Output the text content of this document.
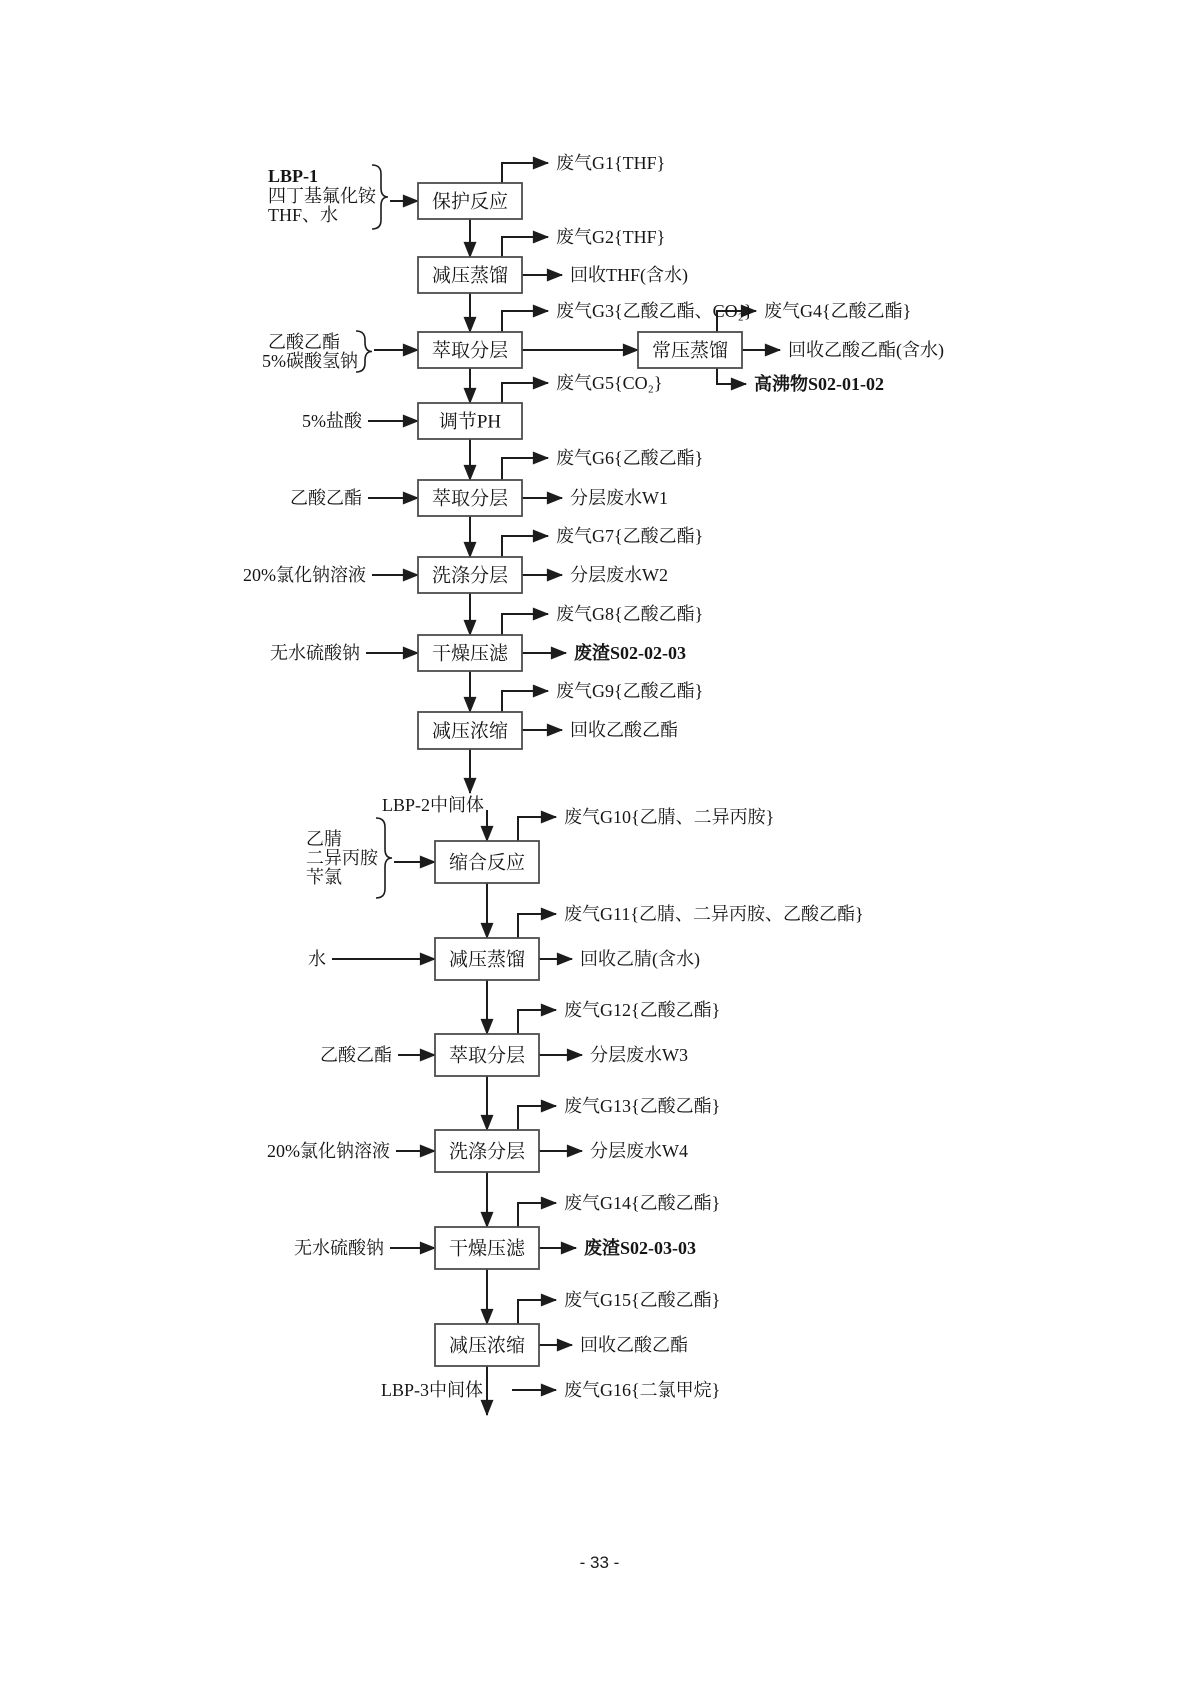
保护反应
减压蒸馏
萃取分层	常压蒸馏
调节PH
萃取分层
洗涤分层
干燥压滤
减压浓缩
缩合反应
减压蒸馏
萃取分层
洗涤分层
干燥压滤
减压浓缩
LBP-1
四丁基氟化铵
THF、水
乙酸乙酯
5%碳酸氢钠
5%盐酸
乙酸乙酯
20%氯化钠溶液
无水硫酸钠
乙腈
二异丙胺
苄氯
水
乙酸乙酯
20%氯化钠溶液
无水硫酸钠
废气G1{THF}
废气G2{THF}
废气G3{乙酸乙酯、CO₂} 废气G4{乙酸乙酯}
废气G5{CO₂}
废气G6{乙酸乙酯}
废气G7{乙酸乙酯}
废气G8{乙酸乙酯}
废气G9{乙酸乙酯}
废气G10{乙腈、二异丙胺}
废气G11{乙腈、二异丙胺、乙酸乙酯}
废气G12{乙酸乙酯}
废气G13{乙酸乙酯}
废气G14{乙酸乙酯}
废气G15{乙酸乙酯}
废气G16{二氯甲烷}
回收THF(含水)
回收乙酸乙酯(含水)
高沸物S02-01-02
分层废水W1
分层废水W2
废渣S02-02-03
回收乙酸乙酯
回收乙腈(含水)
分层废水W3
分层废水W4
废渣S02-03-03
回收乙酸乙酯
LBP-2中间体
LBP-3中间体
- 33 -
